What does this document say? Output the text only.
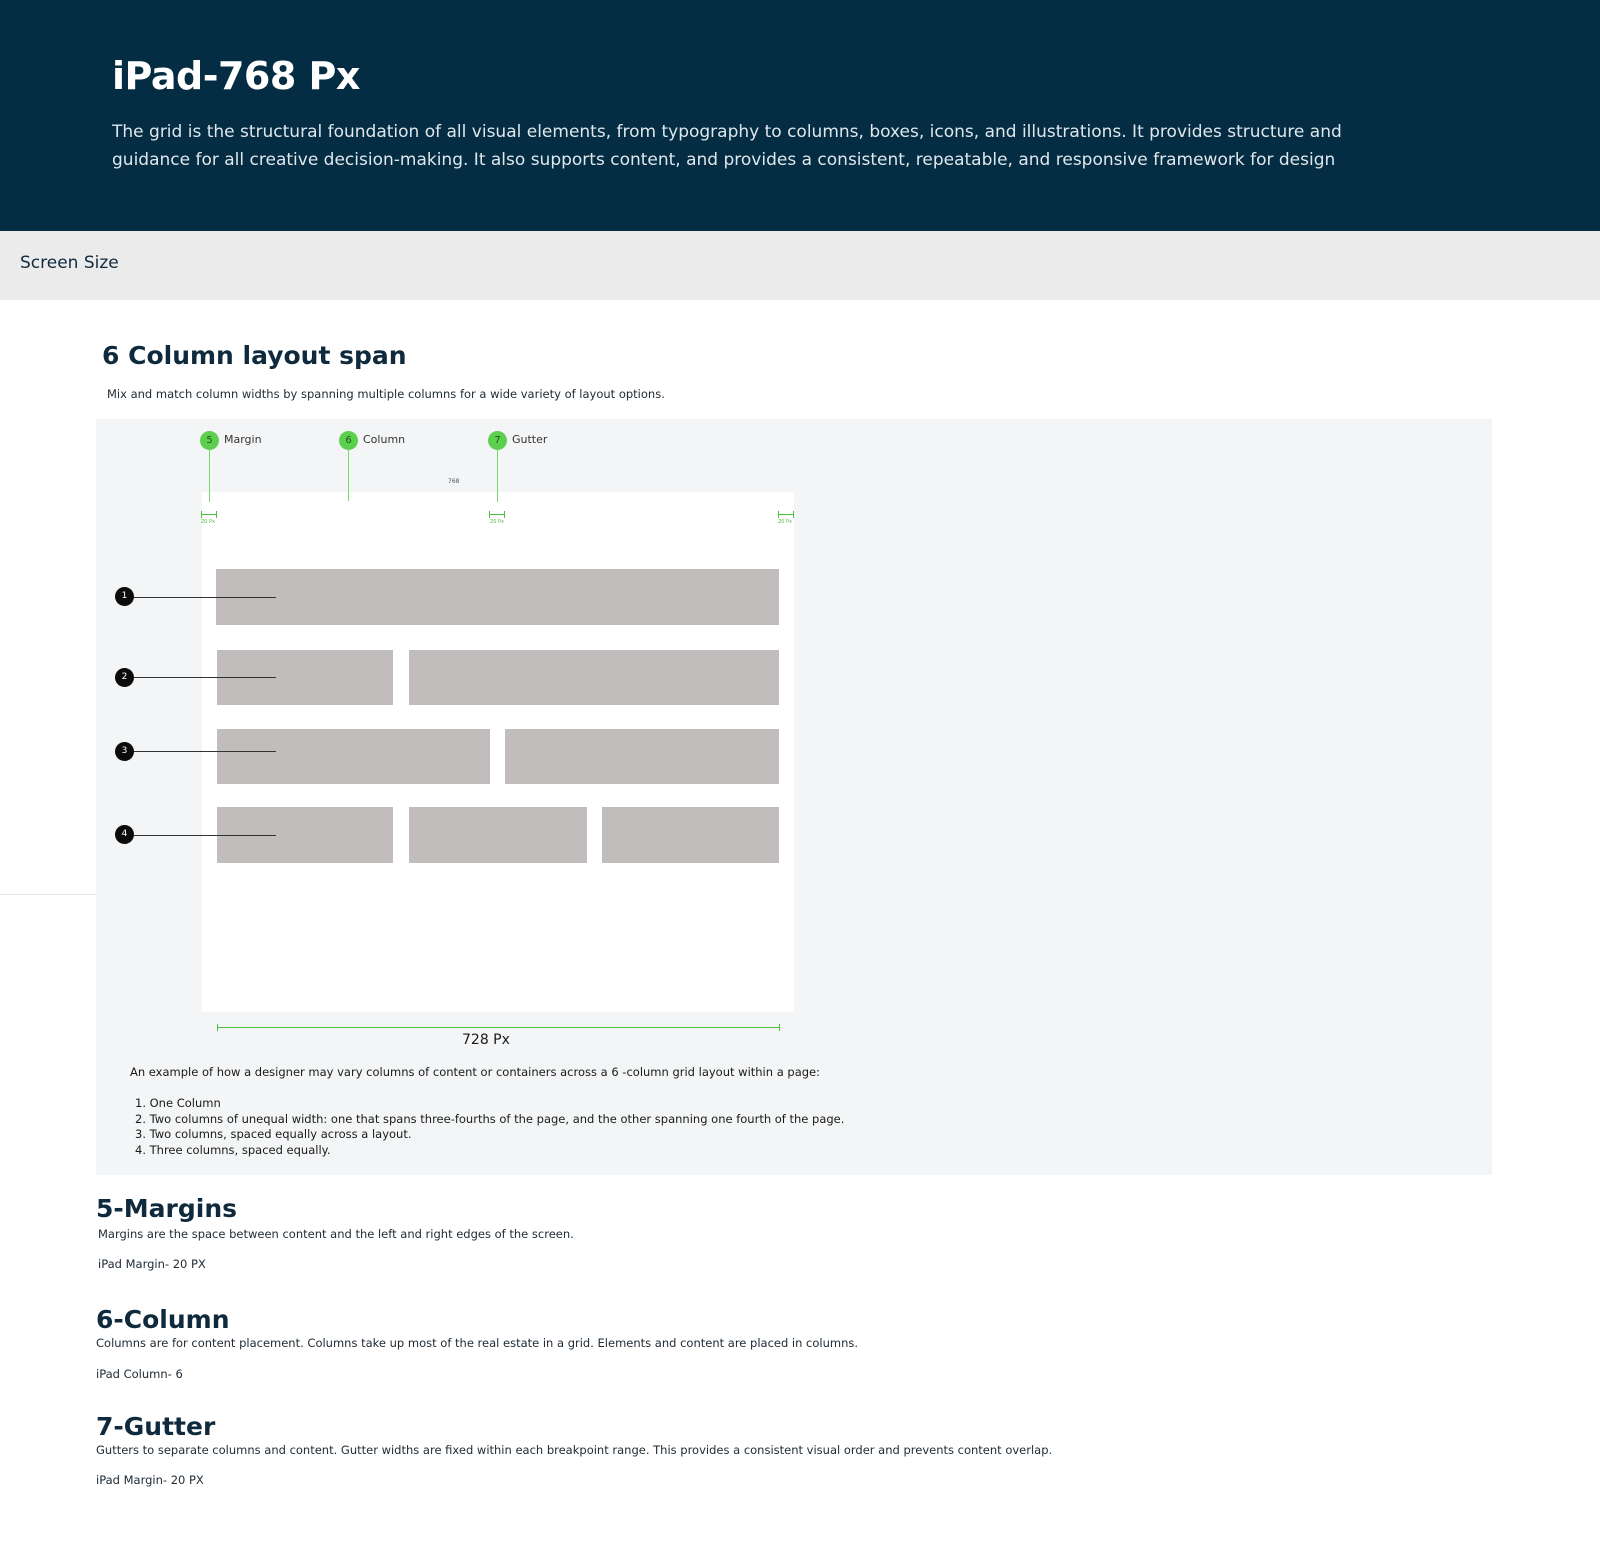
iPad-768 Px

The grid is the structural foundation of all visual elements, from typography to columns, boxes, icons, and illustrations. It provides structure and guidance for all creative decision-making. It also supports content, and provides a consistent, repeatable, and responsive framework for design

Screen Size
6 Column layout span

Mix and match column widths by spanning multiple columns for a wide variety of layout options.

768
5	Margin	6	Column	7	Gutter
20 Px	20 Px	20 Px
1
2
3
4
728 Px

An example of how a designer may vary columns of content or containers across a 6 -column grid layout within a page:

1. One Column
2. Two columns of unequal width: one that spans three-fourths of the page, and the other spanning one fourth of the page.
3. Two columns, spaced equally across a layout.
4. Three columns, spaced equally.
5-Margins

Margins are the space between content and the left and right edges of the screen.

iPad Margin- 20 PX

6-Column

Columns are for content placement. Columns take up most of the real estate in a grid. Elements and content are placed in columns.

iPad Column- 6

7-Gutter

Gutters to separate columns and content. Gutter widths are fixed within each breakpoint range. This provides a consistent visual order and prevents content overlap.

iPad Margin- 20 PX
